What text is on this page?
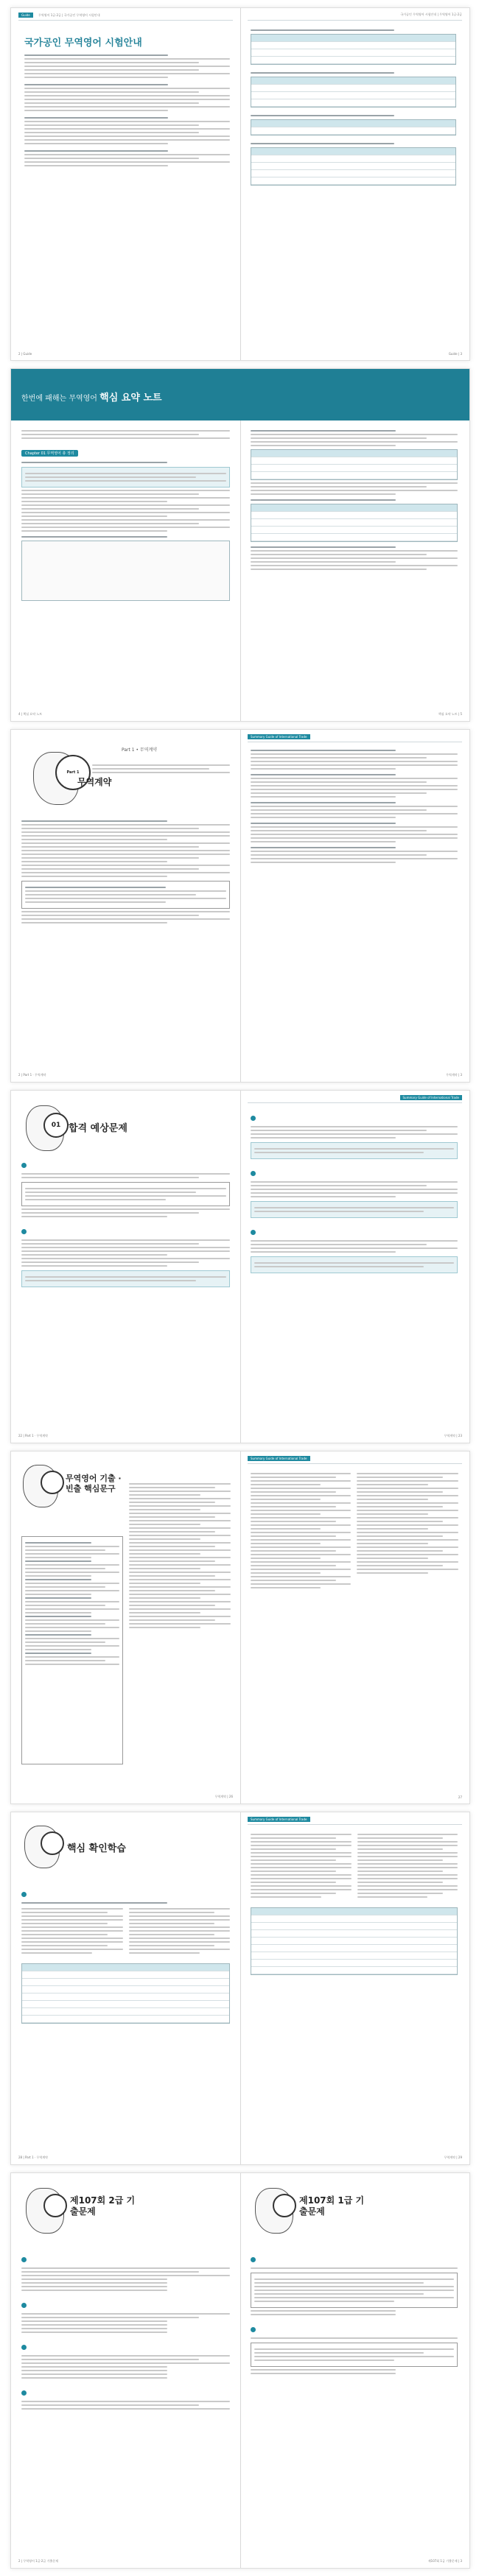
Guide	무역영어 1급·2급 | 국가공인 무역영어 시험안내
국가공인 무역영어 시험안내
2 | Guide
국가공인 무역영어 시험안내 | 무역영어 1급·2급
Guide | 3
한번에 패해는 무역영어 핵심 요약 노트
Chapter 01 무역영어 총 정리
4 | 핵심 요약 노트	핵심 요약 노트 | 5
Part 1 • 무역계약
Part 1
무역계약
2 | Part 1 · 무역계약
Summary Guide of International Trade
무역계약 | 3
01 합격 예상문제
22 | Part 1 · 무역계약
Summary Guide of International Trade
무역계약 | 23
무역영어 기출 · 빈출 핵심문구
무역계약 | 26
Summary Guide of International Trade
27
핵심 확인학습
28 | Part 1 · 무역계약
Summary Guide of International Trade
무역계약 | 29
제107회 2급 기출문제
2 | 무역영어 1급·2급 기출문제
제107회 1급 기출문제
제107회 1급 기출문제 | 3
